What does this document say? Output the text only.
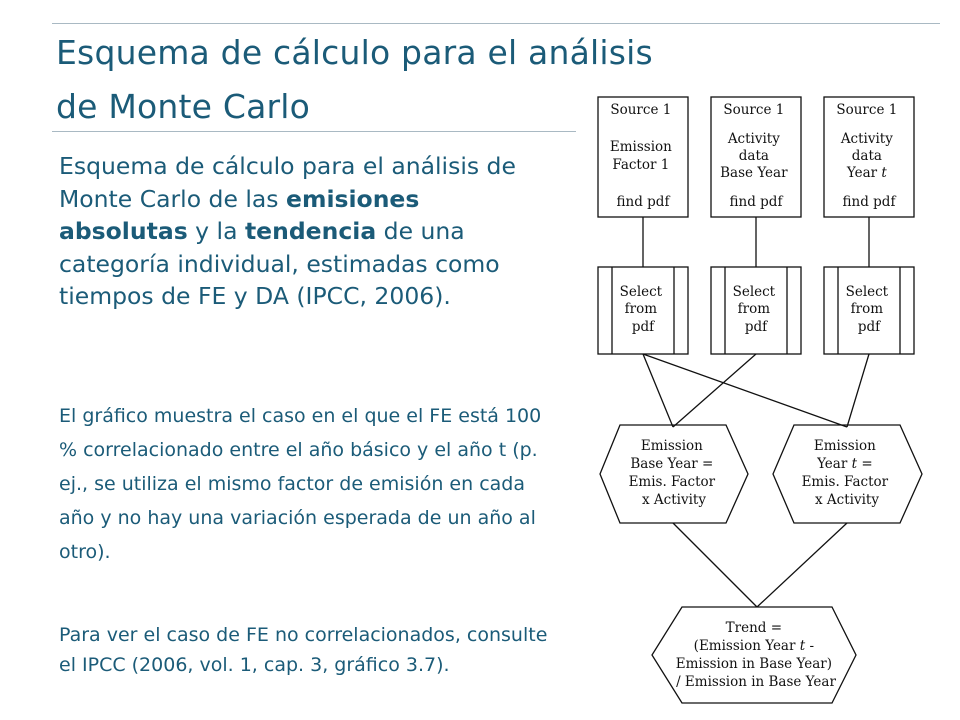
Esquema de cálculo para el análisis
de Monte Carlo

Esquema de cálculo para el análisis de Monte Carlo de las emisiones absolutas y la tendencia de una categoría individual, estimadas como tiempos de FE y DA (IPCC, 2006).

El gráfico muestra el caso en el que el FE está 100 % correlacionado entre el año básico y el año t (p. ej., se utiliza el mismo factor de emisión en cada año y no hay una variación esperada de un año al otro).

Para ver el caso de FE no correlacionados, consulte el IPCC (2006, vol. 1, cap. 3, gráfico 3.7).

Source 1 Emission Factor 1 find pdf
Source 1 Activity data Base Year find pdf
Source 1 Activity data Year t find pdf
Select from pdf
Select from pdf
Select from pdf
Emission Base Year = Emis. Factor x Activity
Emission Year t = Emis. Factor x Activity
Trend = (Emission Year t - Emission in Base Year) / Emission in Base Year
